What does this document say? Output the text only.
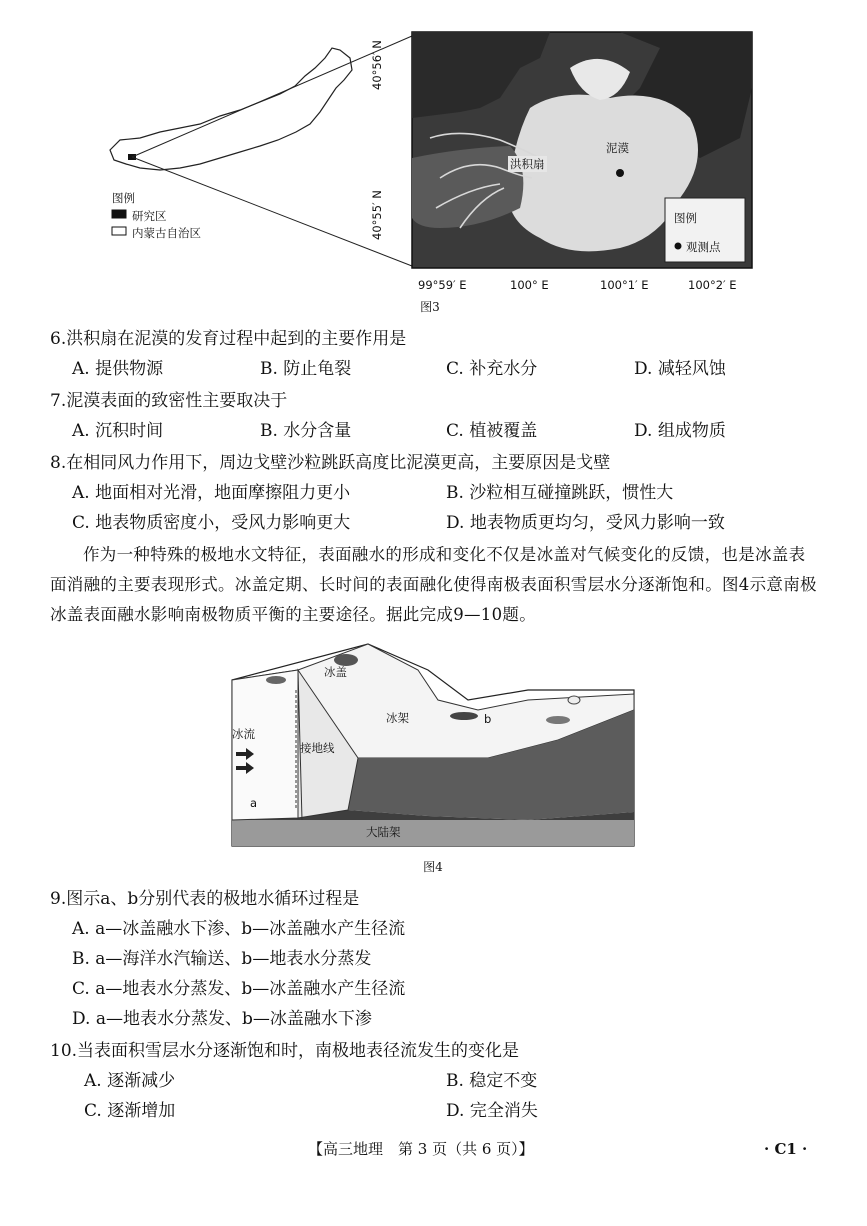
图例
研究区
内蒙古自治区
40°56′ N
40°55′ N
99°59′ E	100° E	100°1′ E	100°2′ E
洪积扇
泥漠
图例
观测点
图3
6.洪积扇在泥漠的发育过程中起到的主要作用是
A. 提供物源	B. 防止龟裂	C. 补充水分	D. 减轻风蚀
7.泥漠表面的致密性主要取决于
A. 沉积时间	B. 水分含量	C. 植被覆盖	D. 组成物质
8.在相同风力作用下，周边戈壁沙粒跳跃高度比泥漠更高，主要原因是戈壁
A. 地面相对光滑，地面摩擦阻力更小	B. 沙粒相互碰撞跳跃，惯性大
C. 地表物质密度小，受风力影响更大	D. 地表物质更均匀，受风力影响一致
作为一种特殊的极地水文特征，表面融水的形成和变化不仅是冰盖对气候变化的反馈，也是冰盖表面消融的主要表现形式。冰盖定期、长时间的表面融化使得南极表面积雪层水分逐渐饱和。图4示意南极冰盖表面融水影响南极物质平衡的主要途径。据此完成9—10题。
冰盖
冰流
接地线
冰架
大陆架
a
b
图4
9.图示a、b分别代表的极地水循环过程是
A. a—冰盖融水下渗、b—冰盖融水产生径流
B. a—海洋水汽输送、b—地表水分蒸发
C. a—地表水分蒸发、b—冰盖融水产生径流
D. a—地表水分蒸发、b—冰盖融水下渗
10.当表面积雪层水分逐渐饱和时，南极地表径流发生的变化是
A. 逐渐减少	B. 稳定不变
C. 逐渐增加	D. 完全消失
【高三地理　第 3 页（共 6 页）】	· C1 ·
